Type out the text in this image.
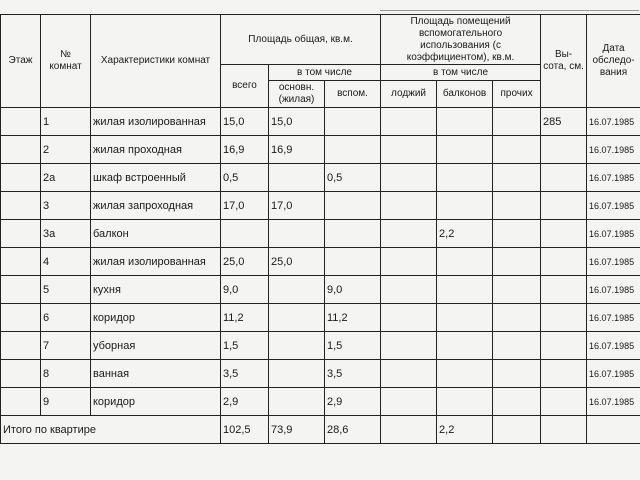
Этаж	№ комнат	Характеристики комнат	Площадь общая, кв.м.			Площадь помещений вспомогательного использования (с коэффициентом), кв.м.			Вы- сота, см.	Дата обследо- вания
			всего	в том числе		в том числе				
				основн. (жилая)	вспом.	лоджий	балконов	прочих		
	1	жилая изолированная	15,0	15,0					285	16.07.1985
	2	жилая проходная	16,9	16,9						16.07.1985
	2а	шкаф встроенный	0,5		0,5					16.07.1985
	3	жилая запроходная	17,0	17,0						16.07.1985
	3а	балкон					2,2			16.07.1985
	4	жилая изолированная	25,0	25,0						16.07.1985
	5	кухня	9,0		9,0					16.07.1985
	6	коридор	11,2		11,2					16.07.1985
	7	уборная	1,5		1,5					16.07.1985
	8	ванная	3,5		3,5					16.07.1985
	9	коридор	2,9		2,9					16.07.1985
Итого по квартире			102,5	73,9	28,6		2,2			
